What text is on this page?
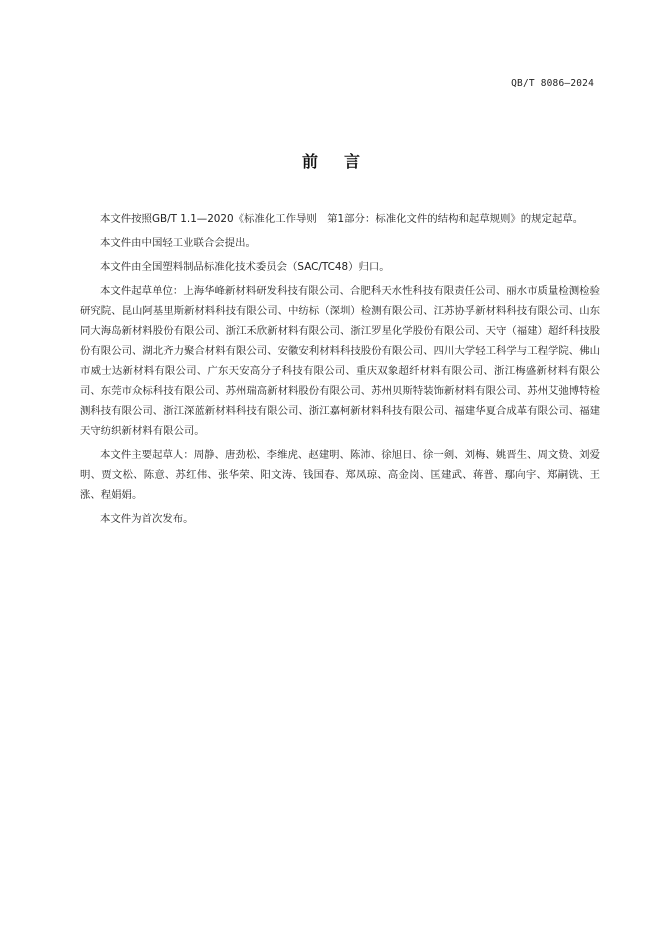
QB/T 8086—2024
前言

本文件按照GB/T 1.1—2020《标准化工作导则　第1部分：标准化文件的结构和起草规则》的规定起草。

本文件由中国轻工业联合会提出。

本文件由全国塑料制品标准化技术委员会（SAC/TC48）归口。

本文件起草单位：上海华峰新材料研发科技有限公司、合肥科天水性科技有限责任公司、丽水市质量检测检验研究院、昆山阿基里斯新材料科技有限公司、中纺标（深圳）检测有限公司、江苏协孚新材料科技有限公司、山东同大海岛新材料股份有限公司、浙江禾欣新材料有限公司、浙江罗星化学股份有限公司、天守（福建）超纤科技股份有限公司、湖北齐力聚合材料有限公司、安徽安利材料科技股份有限公司、四川大学轻工科学与工程学院、佛山市威士达新材料有限公司、广东天安高分子科技有限公司、重庆双象超纤材料有限公司、浙江梅盛新材料有限公司、东莞市众标科技有限公司、苏州瑞高新材料股份有限公司、苏州贝斯特装饰新材料有限公司、苏州艾弛博特检测科技有限公司、浙江深蓝新材料科技有限公司、浙江嘉柯新材料科技有限公司、福建华夏合成革有限公司、福建天守纺织新材料有限公司。

本文件主要起草人：周静、唐劲松、李维虎、赵建明、陈沛、徐旭日、徐一剣、刘梅、姚晋生、周文贽、刘爱明、贾文松、陈意、苏红伟、张华荣、阳文涛、钱国春、郑凤琼、高金岗、匡建武、蒋普、鄢向宇、郑嗣铣、王涨、程娟娟。

本文件为首次发布。
